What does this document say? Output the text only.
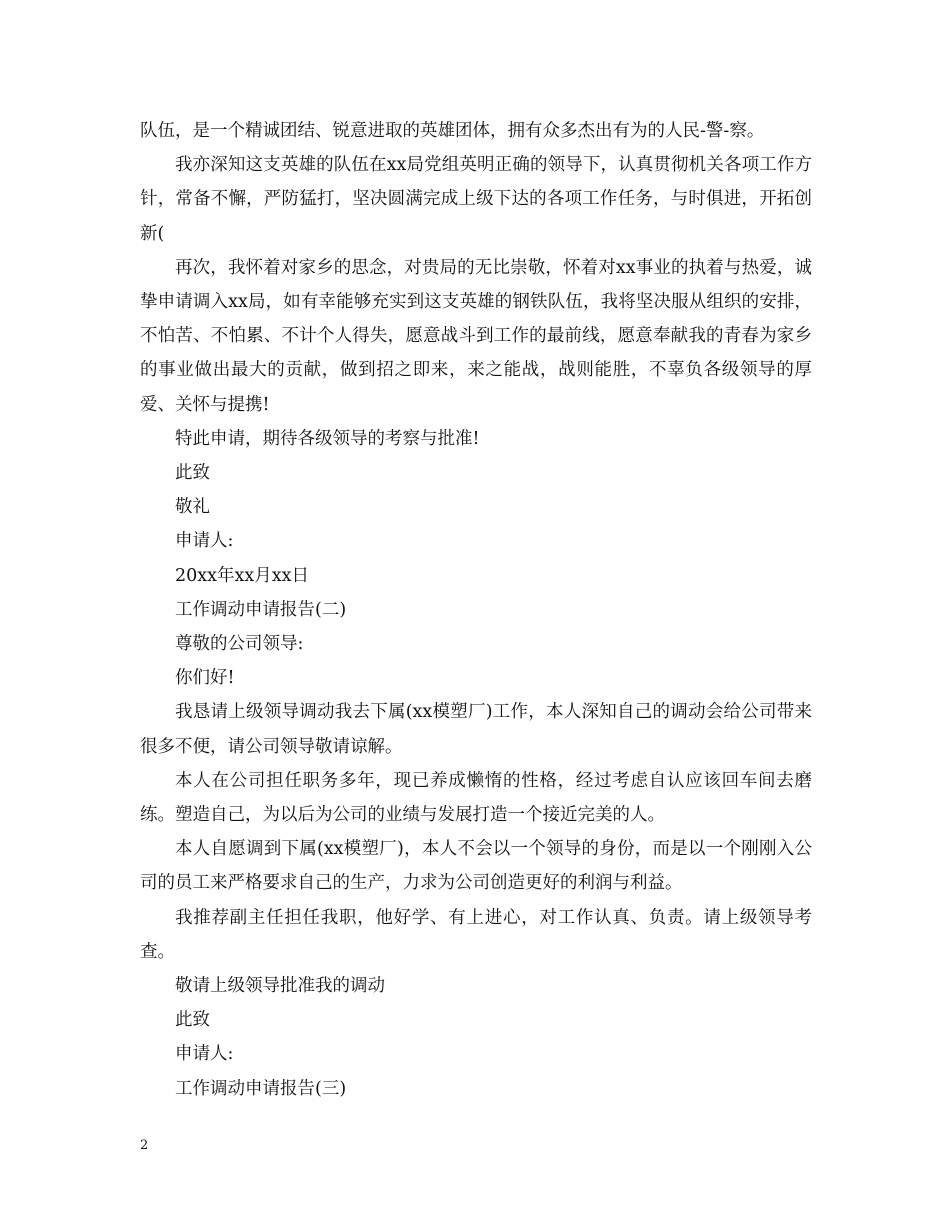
队伍，是一个精诚团结、锐意进取的英雄团体，拥有众多杰出有为的人民-警-察。

我亦深知这支英雄的队伍在xx局党组英明正确的领导下，认真贯彻机关各项工作方针，常备不懈，严防猛打，坚决圆满完成上级下达的各项工作任务，与时俱进，开拓创新(

再次，我怀着对家乡的思念，对贵局的无比崇敬，怀着对xx事业的执着与热爱，诚挚申请调入xx局，如有幸能够充实到这支英雄的钢铁队伍，我将坚决服从组织的安排，不怕苦、不怕累、不计个人得失，愿意战斗到工作的最前线，愿意奉献我的青春为家乡的事业做出最大的贡献，做到招之即来，来之能战，战则能胜，不辜负各级领导的厚爱、关怀与提携!

特此申请，期待各级领导的考察与批准!

此致

敬礼

申请人:

20xx年xx月xx日

工作调动申请报告(二)

尊敬的公司领导:

你们好!

我恳请上级领导调动我去下属(xx模塑厂)工作，本人深知自己的调动会给公司带来很多不便，请公司领导敬请谅解。

本人在公司担任职务多年，现已养成懒惰的性格，经过考虑自认应该回车间去磨练。塑造自己，为以后为公司的业绩与发展打造一个接近完美的人。

本人自愿调到下属(xx模塑厂)，本人不会以一个领导的身份，而是以一个刚刚入公司的员工来严格要求自己的生产，力求为公司创造更好的利润与利益。

我推荐副主任担任我职，他好学、有上进心，对工作认真、负责。请上级领导考查。

敬请上级领导批准我的调动

此致

申请人:

工作调动申请报告(三)

2
